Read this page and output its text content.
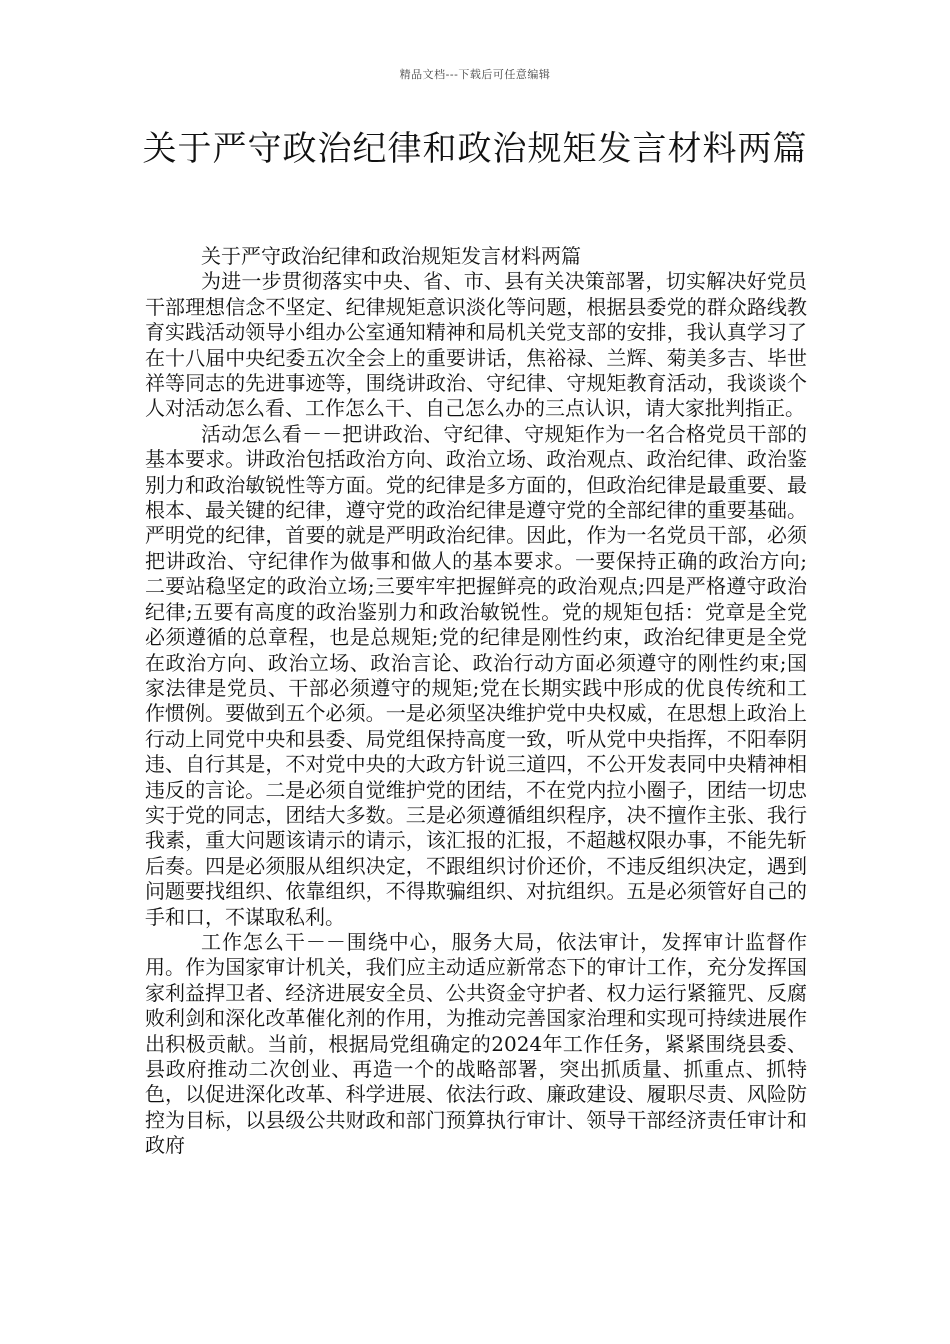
精品文档---下载后可任意编辑
关于严守政治纪律和政治规矩发言材料两篇

关于严守政治纪律和政治规矩发言材料两篇

为进一步贯彻落实中央、省、市、县有关决策部署，切实解决好党员干部理想信念不坚定、纪律规矩意识淡化等问题，根据县委党的群众路线教育实践活动领导小组办公室通知精神和局机关党支部的安排，我认真学习了在十八届中央纪委五次全会上的重要讲话，焦裕禄、兰辉、菊美多吉、毕世祥等同志的先进事迹等，围绕讲政治、守纪律、守规矩教育活动，我谈谈个人对活动怎么看、工作怎么干、自己怎么办的三点认识，请大家批判指正。

活动怎么看－－把讲政治、守纪律、守规矩作为一名合格党员干部的基本要求。讲政治包括政治方向、政治立场、政治观点、政治纪律、政治鉴别力和政治敏锐性等方面。党的纪律是多方面的，但政治纪律是最重要、最根本、最关键的纪律，遵守党的政治纪律是遵守党的全部纪律的重要基础。严明党的纪律，首要的就是严明政治纪律。因此，作为一名党员干部，必须把讲政治、守纪律作为做事和做人的基本要求。一要保持正确的政治方向;二要站稳坚定的政治立场;三要牢牢把握鲜亮的政治观点;四是严格遵守政治纪律;五要有高度的政治鉴别力和政治敏锐性。党的规矩包括：党章是全党必须遵循的总章程，也是总规矩;党的纪律是刚性约束，政治纪律更是全党在政治方向、政治立场、政治言论、政治行动方面必须遵守的刚性约束;国家法律是党员、干部必须遵守的规矩;党在长期实践中形成的优良传统和工作惯例。要做到五个必须。一是必须坚决维护党中央权威，在思想上政治上行动上同党中央和县委、局党组保持高度一致，听从党中央指挥，不阳奉阴违、自行其是，不对党中央的大政方针说三道四，不公开发表同中央精神相违反的言论。二是必须自觉维护党的团结，不在党内拉小圈子，团结一切忠实于党的同志，团结大多数。三是必须遵循组织程序，决不擅作主张、我行我素，重大问题该请示的请示，该汇报的汇报，不超越权限办事，不能先斩后奏。四是必须服从组织决定，不跟组织讨价还价，不违反组织决定，遇到问题要找组织、依靠组织，不得欺骗组织、对抗组织。五是必须管好自己的手和口，不谋取私利。

工作怎么干－－围绕中心，服务大局，依法审计，发挥审计监督作用。作为国家审计机关，我们应主动适应新常态下的审计工作，充分发挥国家利益捍卫者、经济进展安全员、公共资金守护者、权力运行紧箍咒、反腐败利剑和深化改革催化剂的作用，为推动完善国家治理和实现可持续进展作出积极贡献。当前，根据局党组确定的2024年工作任务，紧紧围绕县委、县政府推动二次创业、再造一个的战略部署，突出抓质量、抓重点、抓特色，以促进深化改革、科学进展、依法行政、廉政建设、履职尽责、风险防控为目标，以县级公共财政和部门预算执行审计、领导干部经济责任审计和政府
